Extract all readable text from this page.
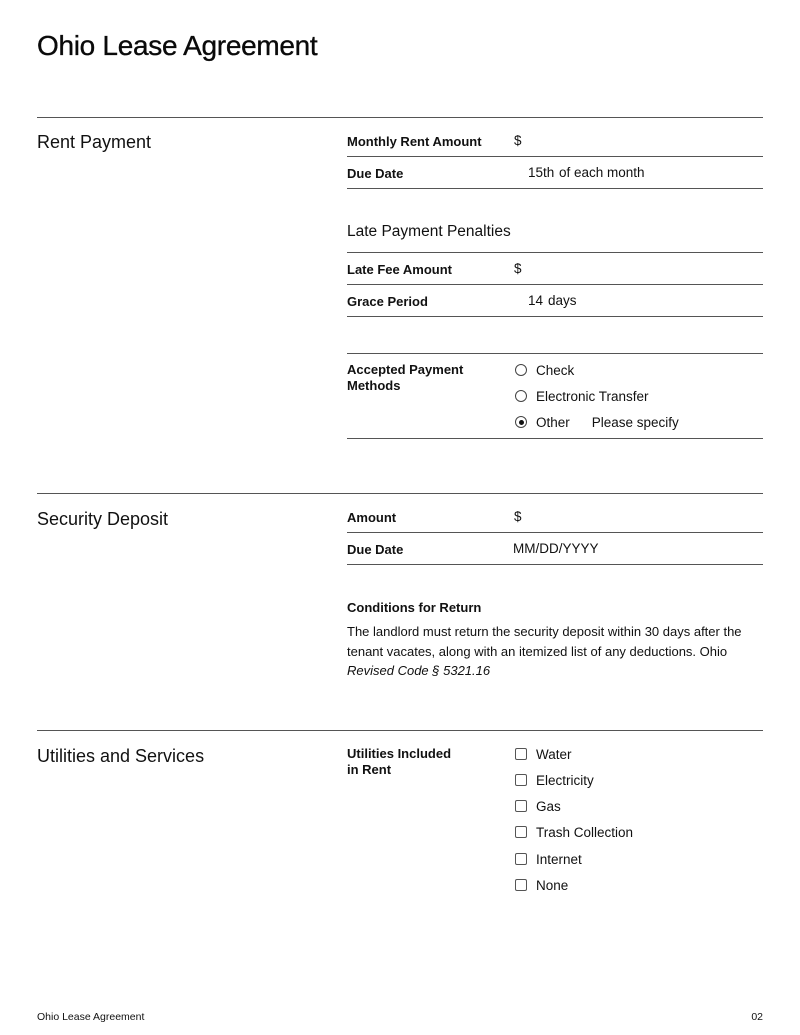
Ohio Lease Agreement
Rent Payment	Monthly Rent Amount $
Due Date	15th of each month
Late Payment Penalties
Late Fee Amount	$
Grace Period	14 days
Accepted Payment
Methods
Check
Electronic Transfer
Other Please specify
Security Deposit	Amount	$
Due Date	MM/DD/YYYY
Conditions for Return
The landlord must return the security deposit within 30 days after the tenant vacates, along with an itemized list of any deductions. Ohio Revised Code § 5321.16
Utilities and Services	Utilities Included
in Rent
Water
Electricity
Gas
Trash Collection
Internet
None
Ohio Lease Agreement	02
